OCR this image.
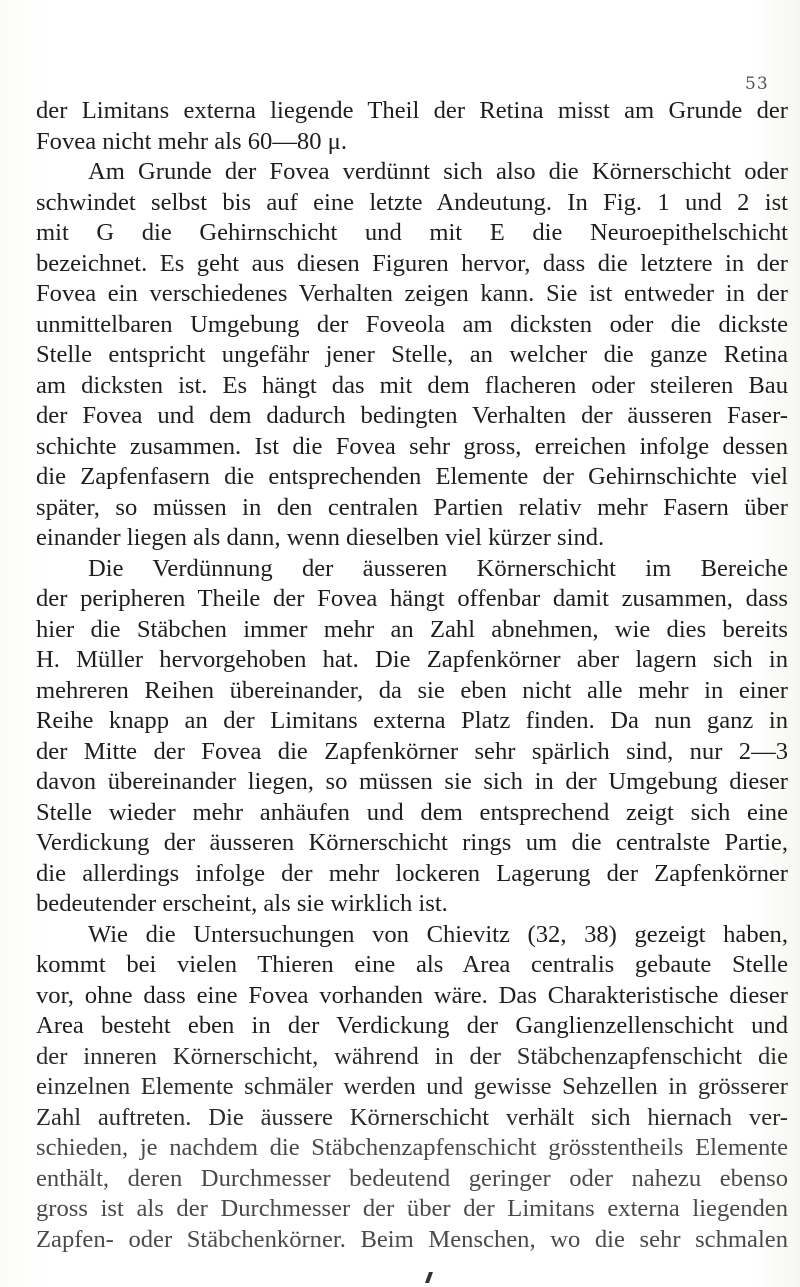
53
der Limitans externa liegende Theil der Retina misst am Grunde der
Fovea nicht mehr als 60—80 μ.
Am Grunde der Fovea verdünnt sich also die Körnerschicht oder
schwindet selbst bis auf eine letzte Andeutung. In Fig. 1 und 2 ist
mit G die Gehirnschicht und mit E die Neuroepithelschicht
bezeichnet. Es geht aus diesen Figuren hervor, dass die letztere in der
Fovea ein verschiedenes Verhalten zeigen kann. Sie ist entweder in der
unmittelbaren Umgebung der Foveola am dicksten oder die dickste
Stelle entspricht ungefähr jener Stelle, an welcher die ganze Retina
am dicksten ist. Es hängt das mit dem flacheren oder steileren Bau
der Fovea und dem dadurch bedingten Verhalten der äusseren Faser-
schichte zusammen. Ist die Fovea sehr gross, erreichen infolge dessen
die Zapfenfasern die entsprechenden Elemente der Gehirnschichte viel
später, so müssen in den centralen Partien relativ mehr Fasern über
einander liegen als dann, wenn dieselben viel kürzer sind.
Die Verdünnung der äusseren Körnerschicht im Bereiche
der peripheren Theile der Fovea hängt offenbar damit zusammen, dass
hier die Stäbchen immer mehr an Zahl abnehmen, wie dies bereits
H. Müller hervorgehoben hat. Die Zapfenkörner aber lagern sich in
mehreren Reihen übereinander, da sie eben nicht alle mehr in einer
Reihe knapp an der Limitans externa Platz finden. Da nun ganz in
der Mitte der Fovea die Zapfenkörner sehr spärlich sind, nur 2—3
davon übereinander liegen, so müssen sie sich in der Umgebung dieser
Stelle wieder mehr anhäufen und dem entsprechend zeigt sich eine
Verdickung der äusseren Körnerschicht rings um die centralste Partie,
die allerdings infolge der mehr lockeren Lagerung der Zapfenkörner
bedeutender erscheint, als sie wirklich ist.
Wie die Untersuchungen von Chievitz (32, 38) gezeigt haben,
kommt bei vielen Thieren eine als Area centralis gebaute Stelle
vor, ohne dass eine Fovea vorhanden wäre. Das Charakteristische dieser
Area besteht eben in der Verdickung der Ganglienzellenschicht und
der inneren Körnerschicht, während in der Stäbchenzapfenschicht die
einzelnen Elemente schmäler werden und gewisse Sehzellen in grösserer
Zahl auftreten. Die äussere Körnerschicht verhält sich hiernach ver-
schieden, je nachdem die Stäbchenzapfenschicht grösstentheils Elemente
enthält, deren Durchmesser bedeutend geringer oder nahezu ebenso
gross ist als der Durchmesser der über der Limitans externa liegenden
Zapfen- oder Stäbchenkörner. Beim Menschen, wo die sehr schmalen
